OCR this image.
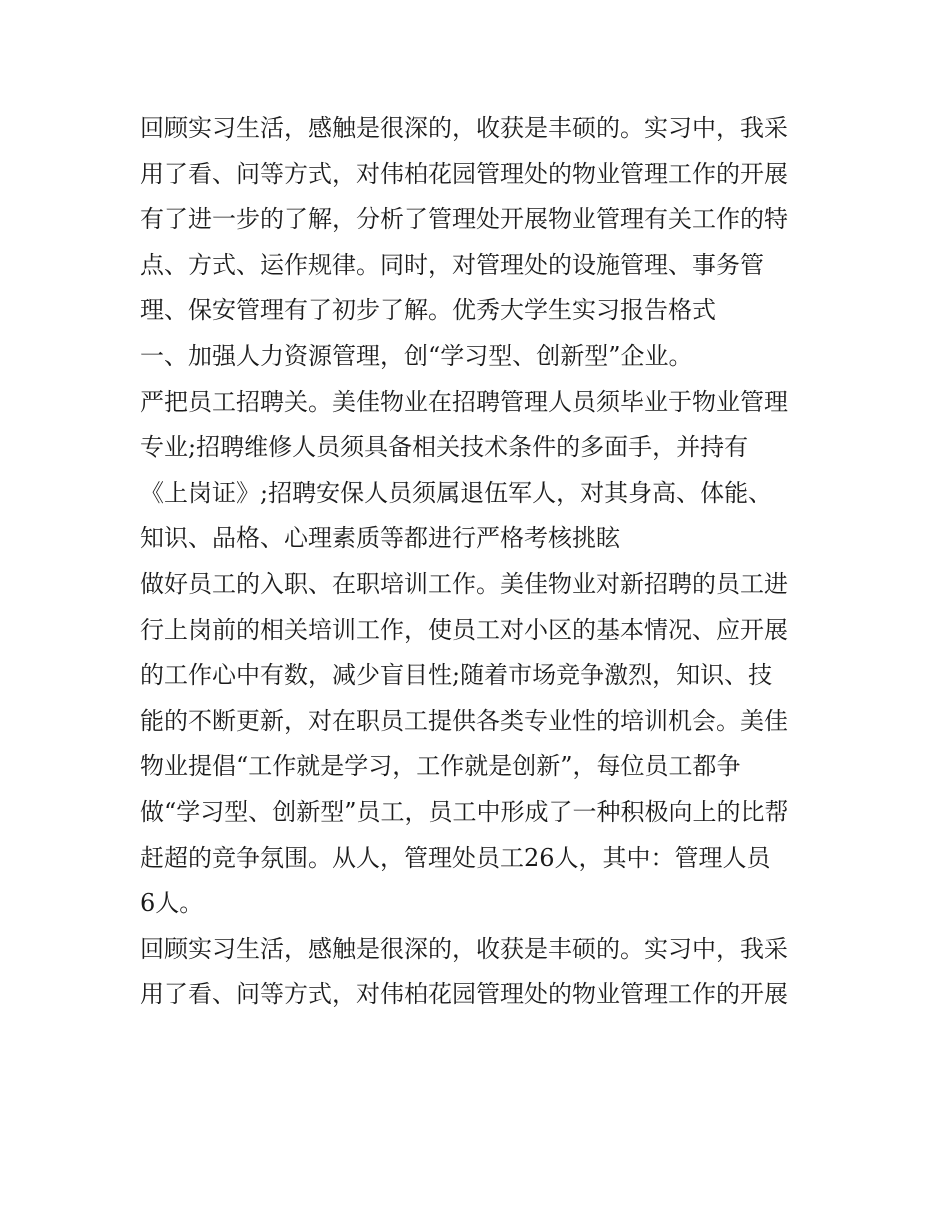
回顾实习生活，感触是很深的，收获是丰硕的。实习中，我采
用了看、问等方式，对伟柏花园管理处的物业管理工作的开展
有了进一步的了解，分析了管理处开展物业管理有关工作的特
点、方式、运作规律。同时，对管理处的设施管理、事务管
理、保安管理有了初步了解。优秀大学生实习报告格式
一、加强人力资源管理，创“学习型、创新型”企业。
严把员工招聘关。美佳物业在招聘管理人员须毕业于物业管理
专业;招聘维修人员须具备相关技术条件的多面手，并持有
《上岗证》;招聘安保人员须属退伍军人，对其身高、体能、
知识、品格、心理素质等都进行严格考核挑眩
做好员工的入职、在职培训工作。美佳物业对新招聘的员工进
行上岗前的相关培训工作，使员工对小区的基本情况、应开展
的工作心中有数，减少盲目性;随着市场竞争激烈，知识、技
能的不断更新，对在职员工提供各类专业性的培训机会。美佳
物业提倡“工作就是学习，工作就是创新”，每位员工都争
做“学习型、创新型”员工，员工中形成了一种积极向上的比帮
赶超的竞争氛围。从人，管理处员工26人，其中：管理人员
6人。
回顾实习生活，感触是很深的，收获是丰硕的。实习中，我采
用了看、问等方式，对伟柏花园管理处的物业管理工作的开展
